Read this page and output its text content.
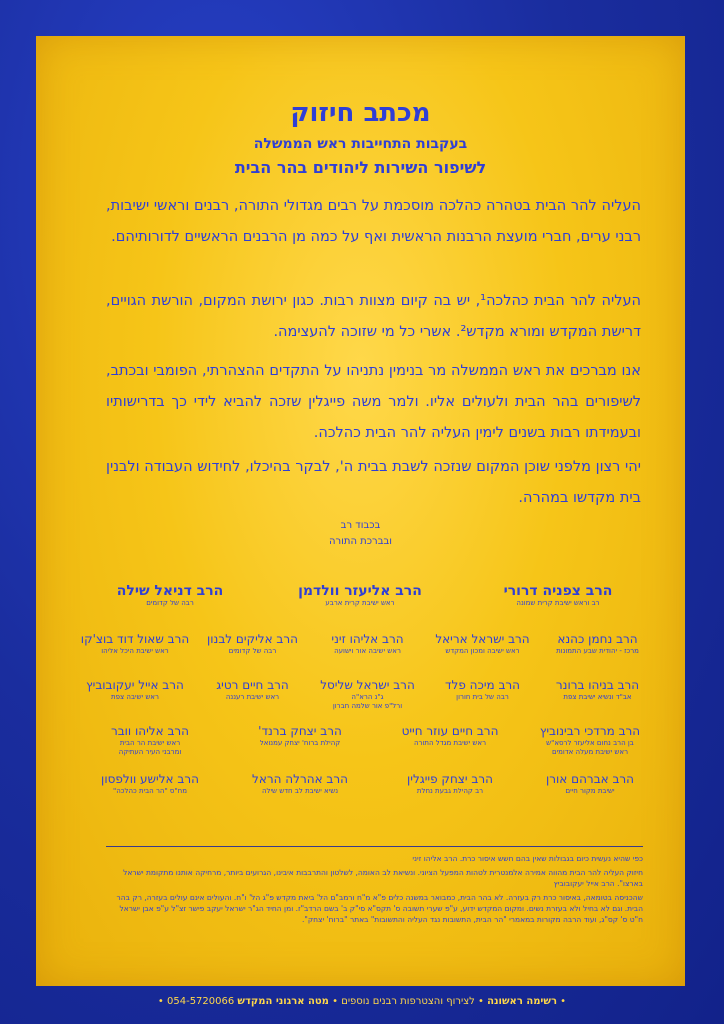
מכתב חיזוק
בעקבות התחייבות ראש הממשלה
לשיפור השירות ליהודים בהר הבית
העליה להר הבית בטהרה כהלכה מוסכמת על רבים מגדולי התורה, רבנים וראשי ישיבות, רבני ערים, חברי מועצת הרבנות הראשית ואף על כמה מן הרבנים הראשיים לדורותיהם.
העליה להר הבית כהלכה¹, יש בה קיום מצוות רבות. כגון ירושת המקום, הורשת הגויים, דרישת המקדש ומורא מקדש². אשרי כל מי שזוכה להעצימה.
אנו מברכים את ראש הממשלה מר בנימין נתניהו על התקדים ההצהרתי, הפומבי ובכתב, לשיפורים בהר הבית ולעולים אליו. ולמר משה פייגלין שזכה להביא לידי כך בדרישותיו ובעמידתו רבות בשנים לימין העליה להר הבית כהלכה.
יהי רצון מלפני שוכן המקום שנזכה לשבת בבית ה', לבקר בהיכלו, לחידוש העבודה ולבנין בית מקדשו במהרה.
בכבוד רב
ובברכת התורה
הרב צפניה דרורי
רב וראש ישיבת קרית שמונה
הרב אליעזר וולדמן
ראש ישיבת קרית ארבע
הרב דניאל שילה
רבה של קדומים
הרב נחמן כהנא
מרכז - יהודית שבע התמונות
הרב ישראל אריאל
ראש ישיבה ומכון המקדש
הרב אליהו זיני
ראש ישיבה אור וישועה
הרב אליקים לבנון
רבה של קדומים
הרב שאול דוד בוצ'קו
ראש ישיבת היכל אליהו
הרב בניהו ברונר
אב"ד ונשיא ישיבת צפת
הרב מיכה פלד
רבה של בית חורון
הרב ישראל שליסל
ג"נ הרא"ה
ורל"פ אור שלמה חברון
הרב חיים רטיג
ראש ישיבת רעננה
הרב אייל יעקובוביץ
ראש ישיבה צפת
הרב מרדכי רבינוביץ
בן הרב נחום אליעזר לרסא"ש
ראש ישיבת מעלה אדומים
הרב חיים עוזר חייט
ראש ישיבת מגדל התורה
הרב יצחק ברנד'
קהילת ברוח' יצחק עמנואל
הרב אליהו וובר
ראש ישיבת הר הבית
ומרבני העיר העתיקה
הרב אברהם אורן
ישיבת מקור חיים
הרב יצחק פייגלין
רב קהילת גבעת נחלת
הרב אהרלה הראל
נשיא ישיבת לב חדש שילה
הרב אלישע וולפסון
מח"ס "הר הבית כהלכה"
כפי שהיא נעשית כיום בגבולות שאין בהם חשש איסור כרת. הרב אליהו זיני
חיזוק העליה להר הבית מהווה אמירה אלמנטרית לטהות המפעל הציוני. ונשיאת לב האומה, לשלטון והתרבבות איבינו, הגרועים ביותר, מרחיקה אותנו מתקומת ישראל בארצו". הרב אייל יעקובוביץ
שהכניסה בטומאה, באיסור כרת רק בעזרה. לא בהר הבית, כמבואר במשנה כלים פ"א מ"ח ורמב"ם הל' ביאת מקדש פ"ג הל' ו"ח. והעולים אינם עולים בעזרה, רק בהר הבית. וגם לא בחיל ולא בעזרת נשים. ומקום המקדש ידוע, ע"פ שערי תשובה ס' תקס"א סי"ק ב' בשם הרדב"ז. ומן החיד הג"ר ישראל יעקב פישר זצ"ל ע"פ אבן ישראל ח"ט ס' קס"ג, ועוד הרבה מקורות במאמרי "הר הבית, התשובות נגד העליה והתשובות" באתר "ברוח' יצחק".
• רשימה ראשונה • לצירוף והצטרפות רבנים נוספים • מטה ארגוני המקדש 054-5720066 •
